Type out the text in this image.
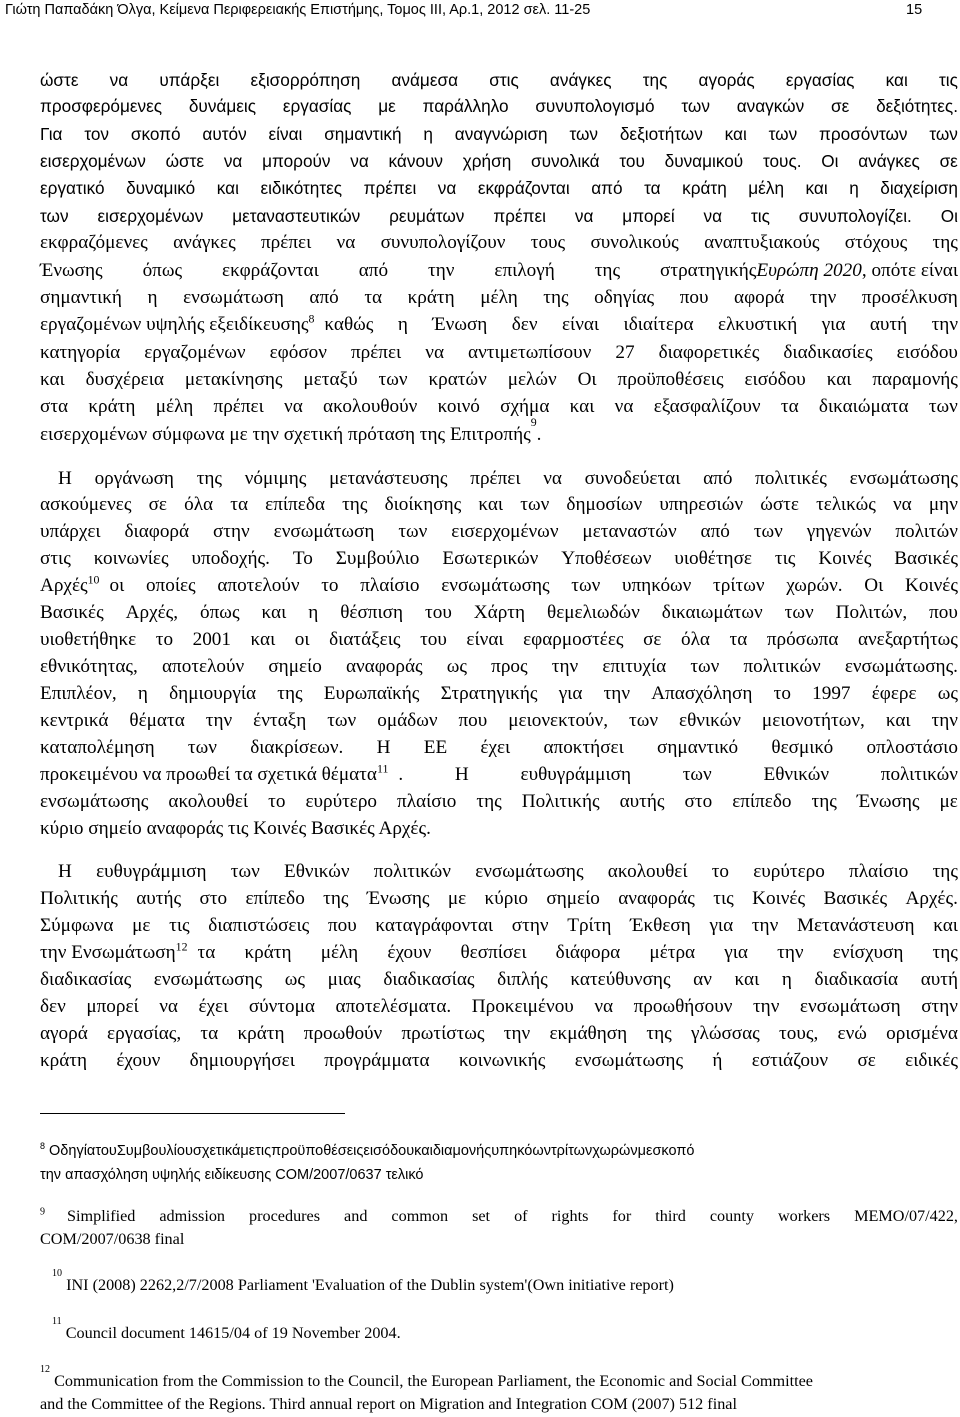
Γιώτη Παπαδάκη Όλγα, Κείμενα Περιφερειακής Επιστήμης, Τομος ΙΙΙ, Αρ.1, 2012 σελ. 11-25	15
ώστε να υπάρξει εξισορρόπηση ανάμεσα στις ανάγκες της αγοράς εργασίας και τις
προσφερόμενες δυνάμεις εργασίας με παράλληλο συνυπολογισμό των αναγκών σε δεξιότητες.
Για τον σκοπό αυτόν είναι σημαντική η αναγνώριση των δεξιοτήτων και των προσόντων των
εισερχομένων ώστε να μπορούν να κάνουν χρήση συνολικά του δυναμικού τους. Οι ανάγκες σε
εργατικό δυναμικό και ειδικότητες πρέπει να εκφράζονται από τα κράτη μέλη και η διαχείριση
των εισερχομένων μεταναστευτικών ρευμάτων πρέπει να μπορεί να τις συνυπολογίζει. Οι
εκφραζόμενες ανάγκες πρέπει να συνυπολογίζουν τους συνολικούς αναπτυξιακούς στόχους της
Ένωσης όπως εκφράζονται από την επιλογή της στρατηγικής Ευρώπη 2020, οπότε είναι
σημαντική η ενσωμάτωση από τα κράτη μέλη της οδηγίας που αφορά την προσέλκυση
εργαζομένων υψηλής εξειδίκευσης$^8$ καθώς η Ένωση δεν είναι ιδιαίτερα ελκυστική για αυτή την
κατηγορία εργαζομένων εφόσον πρέπει να αντιμετωπίσουν 27 διαφορετικές διαδικασίες εισόδου
και δυσχέρεια μετακίνησης μεταξύ των κρατών μελών Οι προϋποθέσεις εισόδου και παραμονής
στα κράτη μέλη πρέπει να ακολουθούν κοινό σχήμα και να εξασφαλίζουν τα δικαιώματα των
εισερχομένων σύμφωνα με την σχετική πρόταση της Επιτροπής
9
.
Η οργάνωση της νόμιμης μετανάστευσης πρέπει να συνοδεύεται από πολιτικές ενσωμάτωσης
ασκούμενες σε όλα τα επίπεδα της διοίκησης και των δημοσίων υπηρεσιών ώστε τελικώς να μην
υπάρχει διαφορά στην ενσωμάτωση των εισερχομένων μεταναστών από των γηγενών πολιτών
στις κοινωνίες υποδοχής. Το Συμβούλιο Εσωτερικών Υποθέσεων υιοθέτησε τις Κοινές Βασικές
Αρχές$^{10}$ οι οποίες αποτελούν το πλαίσιο ενσωμάτωσης των υπηκόων τρίτων χωρών. Οι Κοινές
Βασικές Αρχές, όπως και η θέσπιση του Χάρτη θεμελιωδών δικαιωμάτων των Πολιτών, που
υιοθετήθηκε το 2001 και οι διατάξεις του είναι εφαρμοστέες σε όλα τα πρόσωπα ανεξαρτήτως
εθνικότητας, αποτελούν σημείο αναφοράς ως προς την επιτυχία των πολιτικών ενσωμάτωσης.
Επιπλέον, η δημιουργία της Ευρωπαϊκής Στρατηγικής για την Απασχόληση το 1997 έφερε ως
κεντρικά θέματα την ένταξη των ομάδων που μειονεκτούν, των εθνικών μειονοτήτων, και την
καταπολέμηση των διακρίσεων. Η ΕΕ έχει αποκτήσει σημαντικό θεσμικό οπλοστάσιο
προκειμένου να προωθεί τα σχετικά θέματα$^{11}$ .	Η	ευθυγράμμιση	των	Εθνικών	πολιτικών
ενσωμάτωσης ακολουθεί το ευρύτερο πλαίσιο της Πολιτικής αυτής στο επίπεδο της Ένωσης με
κύριο σημείο αναφοράς τις Κοινές Βασικές Αρχές.
Η ευθυγράμμιση των Εθνικών πολιτικών ενσωμάτωσης ακολουθεί το ευρύτερο πλαίσιο της
Πολιτικής αυτής στο επίπεδο της Ένωσης με κύριο σημείο αναφοράς τις Κοινές Βασικές Αρχές.
Σύμφωνα με τις διαπιστώσεις που καταγράφονται στην Τρίτη Έκθεση για την Μετανάστευση και
την Ενσωμάτωση$^{12}$ τα κράτη μέλη έχουν θεσπίσει διάφορα μέτρα για την ενίσχυση της
διαδικασίας ενσωμάτωσης ως μιας διαδικασίας διπλής κατεύθυνσης αν και η διαδικασία αυτή
δεν μπορεί να έχει σύντομα αποτελέσματα. Προκειμένου να προωθήσουν την ενσωμάτωση στην
αγορά εργασίας, τα κράτη προωθούν πρωτίστως την εκμάθηση της γλώσσας τους, ενώ ορισμένα
κράτη έχουν δημιουργήσει προγράμματα κοινωνικής ενσωμάτωσης ή εστιάζουν σε ειδικές
$^8$ Οδηγία του Συμβουλίου σχετικά με τις προϋποθέσεις εισόδου και διαμονής υπηκόων τρίτων χωρών με σκοπό
την απασχόληση υψηλής ειδίκευσης COM/2007/0637 τελικό
$^9$ Simplified admission procedures and common set of rights for third county workers MEMO/07/422,
COM/2007/0638 final
10

INI (2008) 2262,2/7/2008 Parliament 'Evaluation of the Dublin system'(Own initiative report)
11

Council document 14615/04 of 19 November 2004.
12

Communication from the Commission to the Council, the European Parliament, the Economic and Social Committee
and the Committee of the Regions. Third annual report on Migration and Integration COM (2007) 512 final
